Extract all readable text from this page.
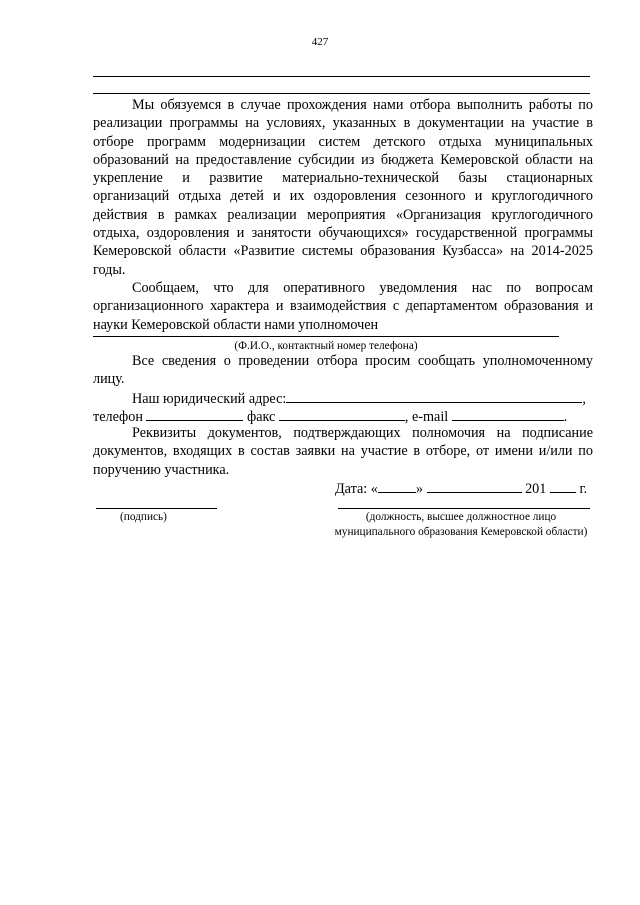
427

Мы обязуемся в случае прохождения нами отбора выполнить работы по реализации программы на условиях, указанных в документации на участие в отборе программ модернизации систем детского отдыха муниципальных образований на предоставление субсидии из бюджета Кемеровской области на укрепление и развитие материально-технической базы стационарных организаций отдыха детей и их оздоровления сезонного и круглогодичного действия в рамках реализации мероприятия «Организация круглогодичного отдыха, оздоровления и занятости обучающихся» государственной программы Кемеровской области «Развитие системы образования Кузбасса» на 2014-2025 годы.

Сообщаем, что для оперативного уведомления нас по вопросам организационного характера и взаимодействия с департаментом образования и науки Кемеровской области нами уполномочен

(Ф.И.О., контактный номер телефона)

Все сведения о проведении отбора просим сообщать уполномоченному лицу.

Наш юридический адрес:	,
телефон	факс	, e-mail	.

Реквизиты документов, подтверждающих полномочия на подписание документов, входящих в состав заявки на участие в отборе, от имени и/или по поручению участника.

Дата: «	»	201 г.
(подпись)	(должность, высшее должностное лицо муниципального образования Кемеровской области)
